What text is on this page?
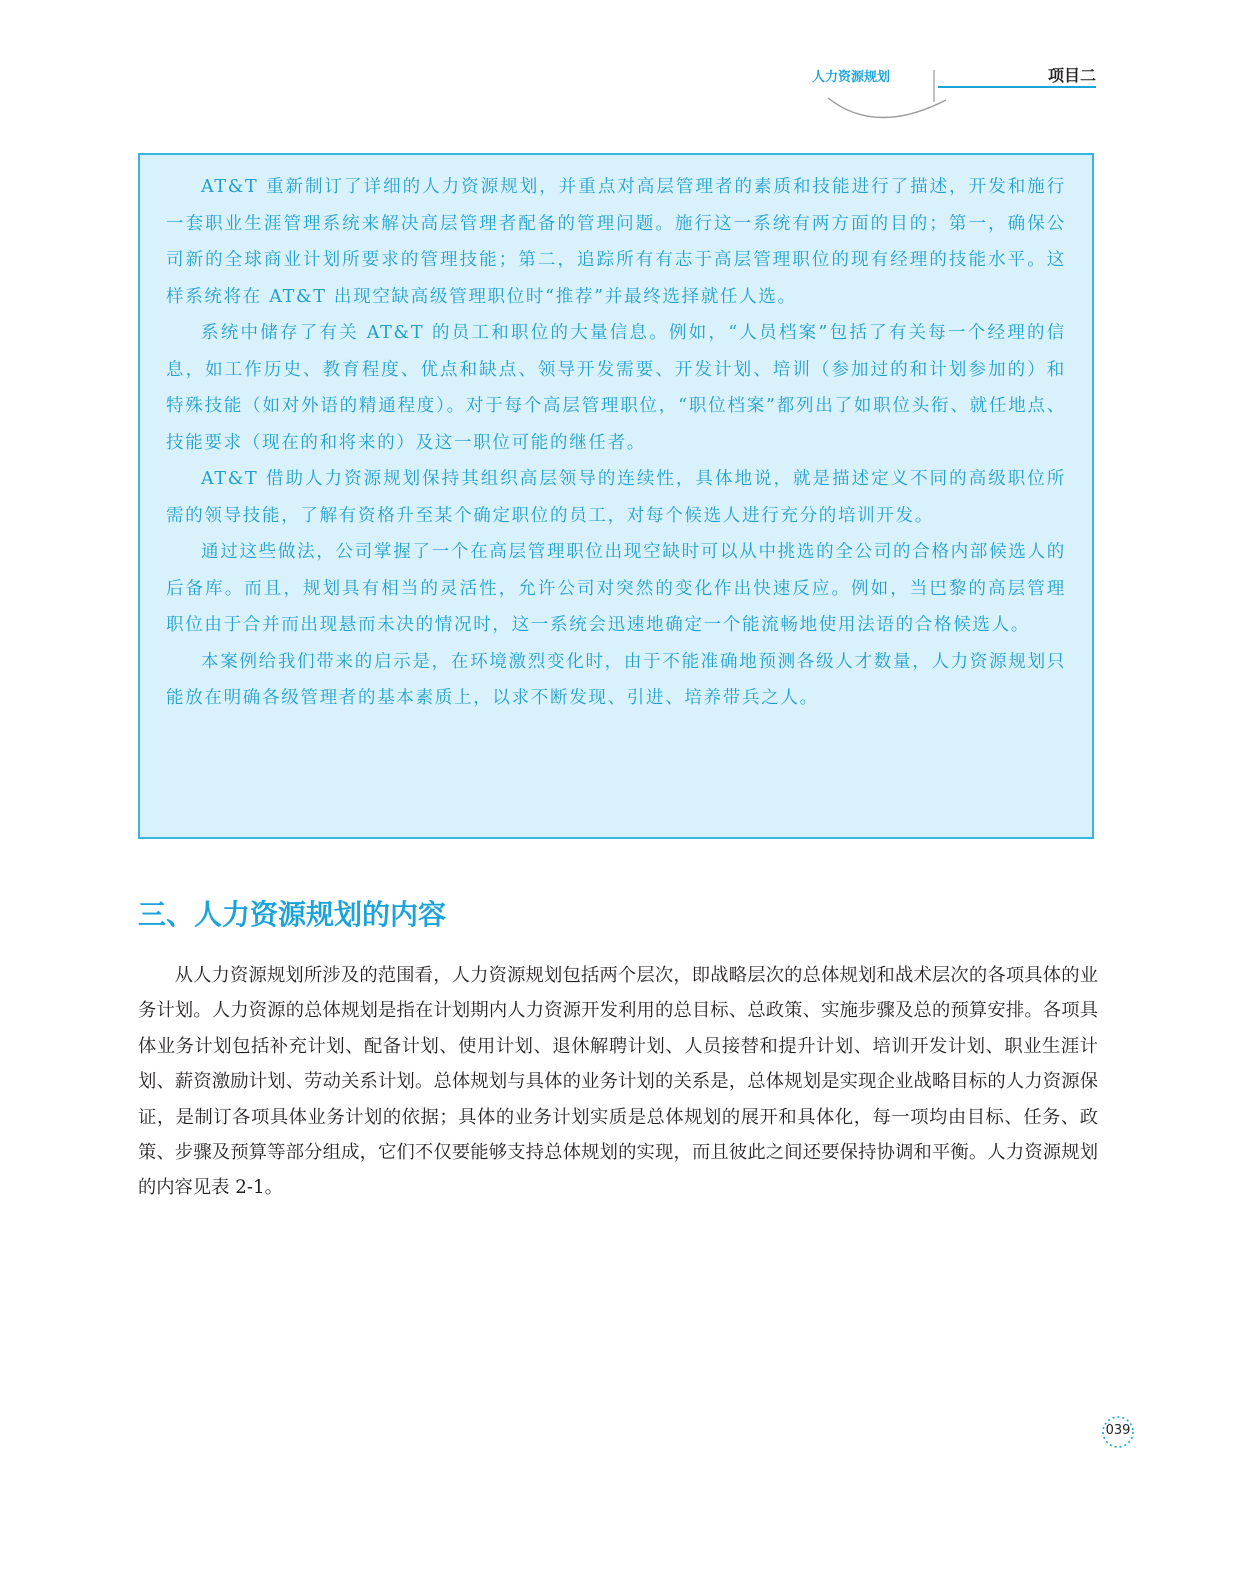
人力资源规划	项目二

AT&T 重新制订了详细的人力资源规划，并重点对高层管理者的素质和技能进行了描述，开发和施行一套职业生涯管理系统来解决高层管理者配备的管理问题。施行这一系统有两方面的目的；第一，确保公司新的全球商业计划所要求的管理技能；第二，追踪所有有志于高层管理职位的现有经理的技能水平。这样系统将在 AT&T 出现空缺高级管理职位时“推荐”并最终选择就任人选。

系统中储存了有关 AT&T 的员工和职位的大量信息。例如，“人员档案”包括了有关每一个经理的信息，如工作历史、教育程度、优点和缺点、领导开发需要、开发计划、培训（参加过的和计划参加的）和特殊技能（如对外语的精通程度）。对于每个高层管理职位，“职位档案”都列出了如职位头衔、就任地点、技能要求（现在的和将来的）及这一职位可能的继任者。

AT&T 借助人力资源规划保持其组织高层领导的连续性，具体地说，就是描述定义不同的高级职位所需的领导技能，了解有资格升至某个确定职位的员工，对每个候选人进行充分的培训开发。

通过这些做法，公司掌握了一个在高层管理职位出现空缺时可以从中挑选的全公司的合格内部候选人的后备库。而且，规划具有相当的灵活性，允许公司对突然的变化作出快速反应。例如，当巴黎的高层管理职位由于合并而出现悬而未决的情况时，这一系统会迅速地确定一个能流畅地使用法语的合格候选人。

本案例给我们带来的启示是，在环境激烈变化时，由于不能准确地预测各级人才数量，人力资源规划只能放在明确各级管理者的基本素质上，以求不断发现、引进、培养带兵之人。

三、人力资源规划的内容

从人力资源规划所涉及的范围看，人力资源规划包括两个层次，即战略层次的总体规划和战术层次的各项具体的业务计划。人力资源的总体规划是指在计划期内人力资源开发利用的总目标、总政策、实施步骤及总的预算安排。各项具体业务计划包括补充计划、配备计划、使用计划、退休解聘计划、人员接替和提升计划、培训开发计划、职业生涯计划、薪资激励计划、劳动关系计划。总体规划与具体的业务计划的关系是，总体规划是实现企业战略目标的人力资源保证，是制订各项具体业务计划的依据；具体的业务计划实质是总体规划的展开和具体化，每一项均由目标、任务、政策、步骤及预算等部分组成，它们不仅要能够支持总体规划的实现，而且彼此之间还要保持协调和平衡。人力资源规划的内容见表 2-1。

039
